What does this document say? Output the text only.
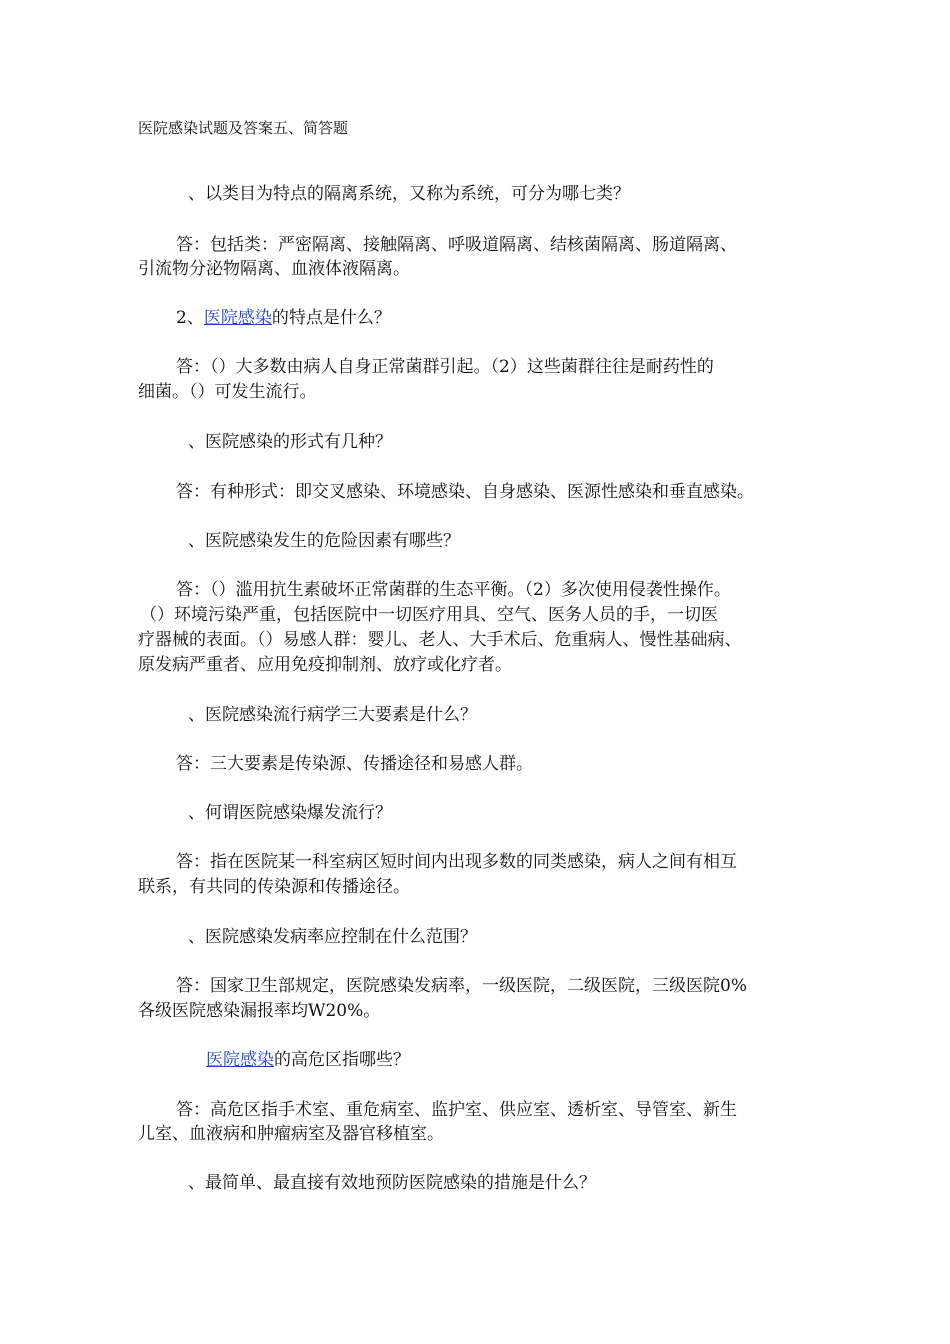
医院感染试题及答案五、简答题

、以类目为特点的隔离系统，又称为系统，可分为哪七类？

答：包括类：严密隔离、接触隔离、呼吸道隔离、结核菌隔离、肠道隔离、

引流物分泌物隔离、血液体液隔离。

2、医院感染的特点是什么？

答：（）大多数由病人自身正常菌群引起。（2）这些菌群往往是耐药性的

细菌。（）可发生流行。

、医院感染的形式有几种？

答：有种形式：即交叉感染、环境感染、自身感染、医源性感染和垂直感染。

、医院感染发生的危险因素有哪些？

答：（）滥用抗生素破坏正常菌群的生态平衡。（2）多次使用侵袭性操作。

（）环境污染严重，包括医院中一切医疗用具、空气、医务人员的手，一切医

疗器械的表面。（）易感人群：婴儿、老人、大手术后、危重病人、慢性基础病、

原发病严重者、应用免疫抑制剂、放疗或化疗者。

、医院感染流行病学三大要素是什么？

答：三大要素是传染源、传播途径和易感人群。

、何谓医院感染爆发流行？

答：指在医院某一科室病区短时间内出现多数的同类感染，病人之间有相互

联系，有共同的传染源和传播途径。

、医院感染发病率应控制在什么范围？

答：国家卫生部规定，医院感染发病率，一级医院，二级医院，三级医院0%

各级医院感染漏报率均W20%。

医院感染的高危区指哪些？

答：高危区指手术室、重危病室、监护室、供应室、透析室、导管室、新生

儿室、血液病和肿瘤病室及器官移植室。

、最简单、最直接有效地预防医院感染的措施是什么？
